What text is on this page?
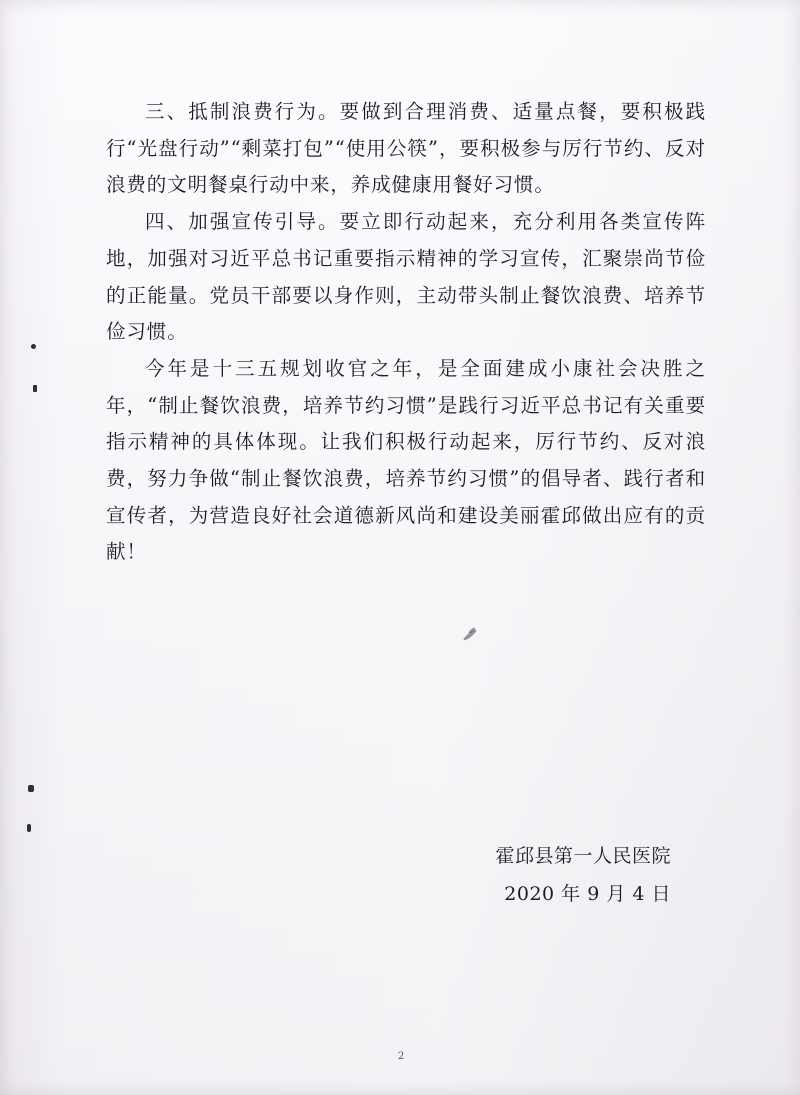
三、抵制浪费行为。要做到合理消费、适量点餐，要积极践行“光盘行动”“剩菜打包”“使用公筷”，要积极参与厉行节约、反对浪费的文明餐桌行动中来，养成健康用餐好习惯。

四、加强宣传引导。要立即行动起来，充分利用各类宣传阵地，加强对习近平总书记重要指示精神的学习宣传，汇聚崇尚节俭的正能量。党员干部要以身作则，主动带头制止餐饮浪费、培养节俭习惯。

今年是十三五规划收官之年，是全面建成小康社会决胜之年，“制止餐饮浪费，培养节约习惯”是践行习近平总书记有关重要指示精神的具体体现。让我们积极行动起来，厉行节约、反对浪费，努力争做“制止餐饮浪费，培养节约习惯”的倡导者、践行者和宣传者，为营造良好社会道德新风尚和建设美丽霍邱做出应有的贡献！

霍邱县第一人民医院
2020 年 9 月 4 日
2
